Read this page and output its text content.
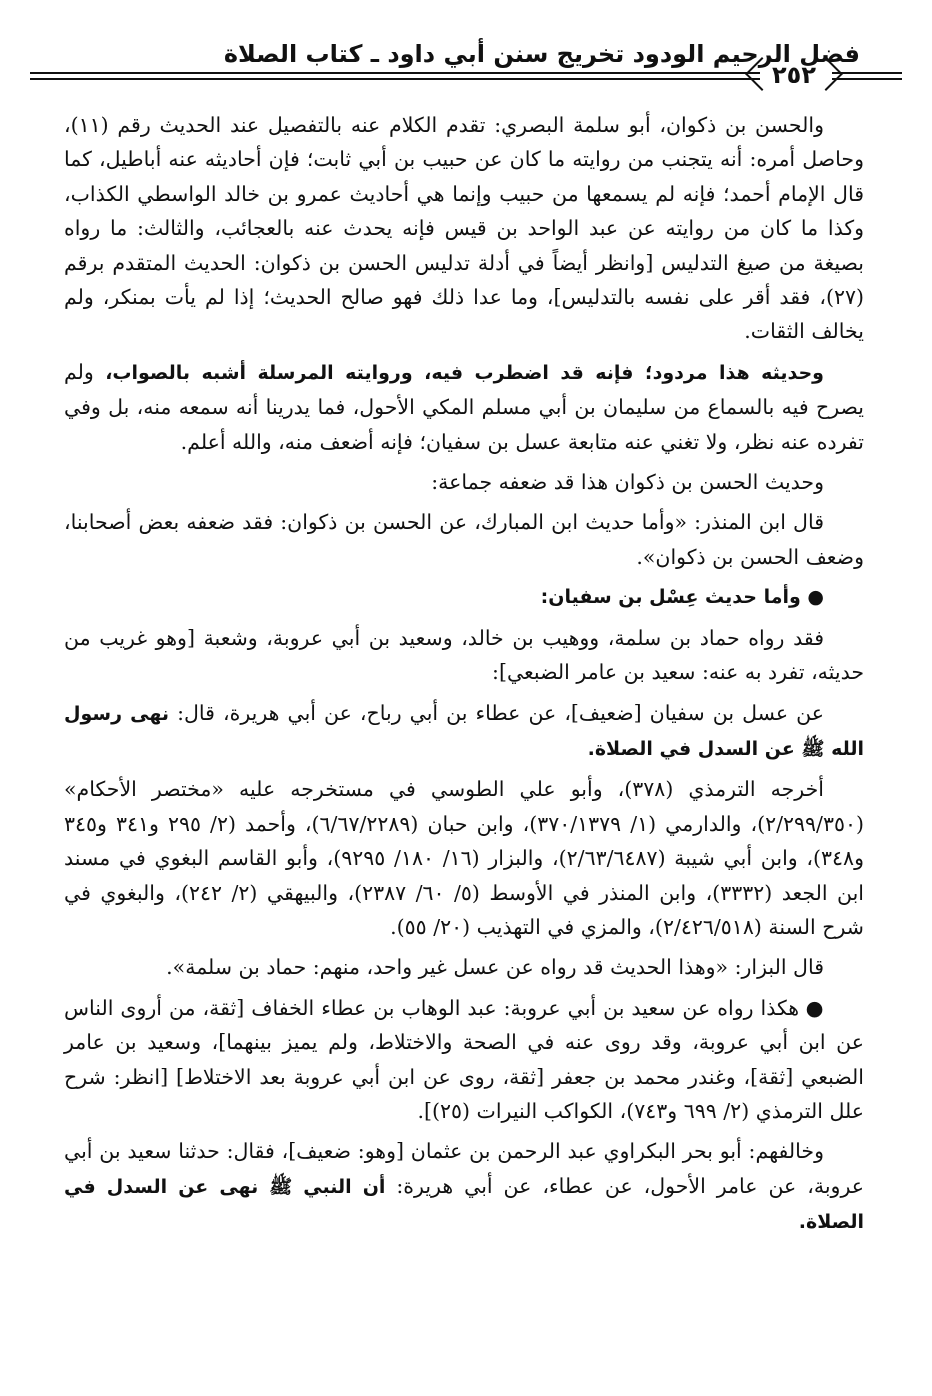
فضل الرحيم الودود تخريج سنن أبي داود ـ كتاب الصلاة
٢٥٢

والحسن بن ذكوان، أبو سلمة البصري: تقدم الكلام عنه بالتفصيل عند الحديث رقم (١١)، وحاصل أمره: أنه يتجنب من روايته ما كان عن حبيب بن أبي ثابت؛ فإن أحاديثه عنه أباطيل، كما قال الإمام أحمد؛ فإنه لم يسمعها من حبيب وإنما هي أحاديث عمرو بن خالد الواسطي الكذاب، وكذا ما كان من روايته عن عبد الواحد بن قيس فإنه يحدث عنه بالعجائب، والثالث: ما رواه بصيغة من صيغ التدليس [وانظر أيضاً في أدلة تدليس الحسن بن ذكوان: الحديث المتقدم برقم (٢٧)، فقد أقر على نفسه بالتدليس]، وما عدا ذلك فهو صالح الحديث؛ إذا لم يأت بمنكر، ولم يخالف الثقات.

وحديثه هذا مردود؛ فإنه قد اضطرب فيه، وروايته المرسلة أشبه بالصواب، ولم يصرح فيه بالسماع من سليمان بن أبي مسلم المكي الأحول، فما يدرينا أنه سمعه منه، بل وفي تفرده عنه نظر، ولا تغني عنه متابعة عسل بن سفيان؛ فإنه أضعف منه، والله أعلم.

وحديث الحسن بن ذكوان هذا قد ضعفه جماعة:

قال ابن المنذر: «وأما حديث ابن المبارك، عن الحسن بن ذكوان: فقد ضعفه بعض أصحابنا، وضعف الحسن بن ذكوان».

● وأما حديث عِسْل بن سفيان:

فقد رواه حماد بن سلمة، ووهيب بن خالد، وسعيد بن أبي عروبة، وشعبة [وهو غريب من حديثه، تفرد به عنه: سعيد بن عامر الضبعي]:

عن عسل بن سفيان [ضعيف]، عن عطاء بن أبي رباح، عن أبي هريرة، قال: نهى رسول الله ﷺ عن السدل في الصلاة.

أخرجه الترمذي (٣٧٨)، وأبو علي الطوسي في مستخرجه عليه «مختصر الأحكام» (٢/٢٩٩/٣٥٠)، والدارمي (١/ ٣٧٠/١٣٧٩)، وابن حبان (٦/٦٧/٢٢٨٩)، وأحمد (٢/ ٢٩٥ و٣٤١ و٣٤٥ و٣٤٨)، وابن أبي شيبة (٢/٦٣/٦٤٨٧)، والبزار (١٦/ ١٨٠/ ٩٢٩٥)، وأبو القاسم البغوي في مسند ابن الجعد (٣٣٣٢)، وابن المنذر في الأوسط (٥/ ٦٠/ ٢٣٨٧)، والبيهقي (٢/ ٢٤٢)، والبغوي في شرح السنة (٢/٤٢٦/٥١٨)، والمزي في التهذيب (٢٠/ ٥٥).

قال البزار: «وهذا الحديث قد رواه عن عسل غير واحد، منهم: حماد بن سلمة».

● هكذا رواه عن سعيد بن أبي عروبة: عبد الوهاب بن عطاء الخفاف [ثقة، من أروى الناس عن ابن أبي عروبة، وقد روى عنه في الصحة والاختلاط، ولم يميز بينهما]، وسعيد بن عامر الضبعي [ثقة]، وغندر محمد بن جعفر [ثقة، روى عن ابن أبي عروبة بعد الاختلاط] [انظر: شرح علل الترمذي (٢/ ٦٩٩ و٧٤٣)، الكواكب النيرات (٢٥)].

وخالفهم: أبو بحر البكراوي عبد الرحمن بن عثمان [وهو: ضعيف]، فقال: حدثنا سعيد بن أبي عروبة، عن عامر الأحول، عن عطاء، عن أبي هريرة: أن النبي ﷺ نهى عن السدل في الصلاة.
